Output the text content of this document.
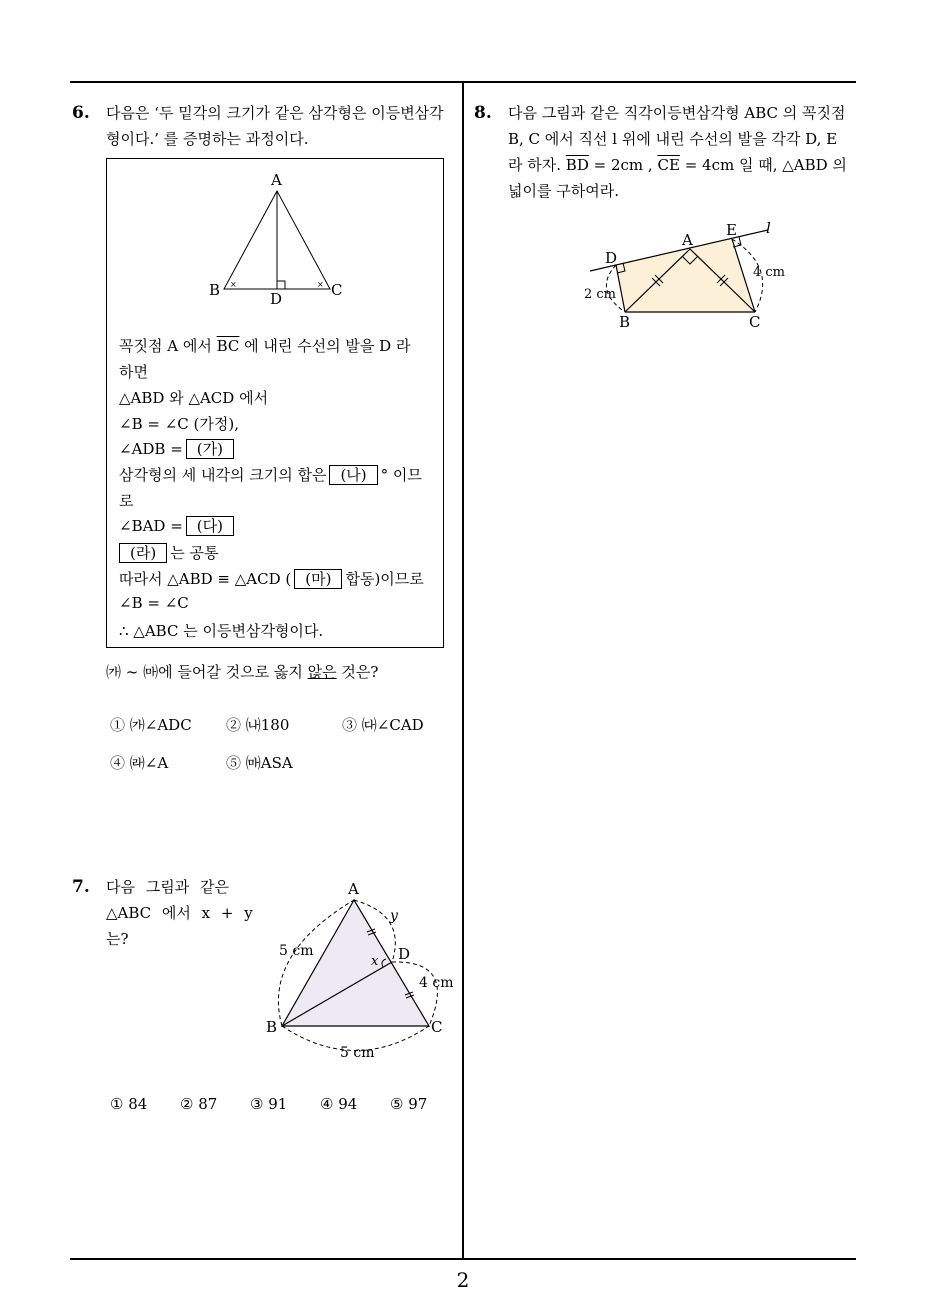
6. 다음은 ‘두 밑각의 크기가 같은 삼각형은 이등변삼각
형이다.’ 를 증명하는 과정이다.
×	×
A
B	C
D
꼭짓점 A 에서 $\overline{BC}$ 에 내린 수선의 발을 D 라
하면
△ABD 와 △ACD 에서
∠B = ∠C (가정),
∠ADB = (가)
삼각형의 세 내각의 크기의 합은 (나) ° 이므
로
∠BAD = (다)
(라) 는 공통
따라서 △ABD ≡ △ACD ( (마) 합동)이므로
∠B = ∠C
∴ △ABC 는 이등변삼각형이다.
㈎ ~ ㈒에 들어갈 것으로 옳지 않은 것은?
① ㈎∠ADC ② ㈏180	③ ㈐∠CAD
④ ㈑∠A	⑤ ㈒ASA
7. 다음 그림과 같은
△ABC 에서 x + y
는?
A
B	C
D
x
y
5 cm
4 cm
5 cm
① 84 ② 87 ③ 91 ④ 94 ⑤ 97
8. 다음 그림과 같은 직각이등변삼각형 ABC 의 꼭짓점
B, C 에서 직선 l 위에 내린 수선의 발을 각각 D, E
라 하자. $\overline{BD} = 2cm$ , $\overline{CE} = 4cm$ 일 때, △ABD 의
넓이를 구하여라.
A
B	C
D
E l
2 cm
4 cm
2
